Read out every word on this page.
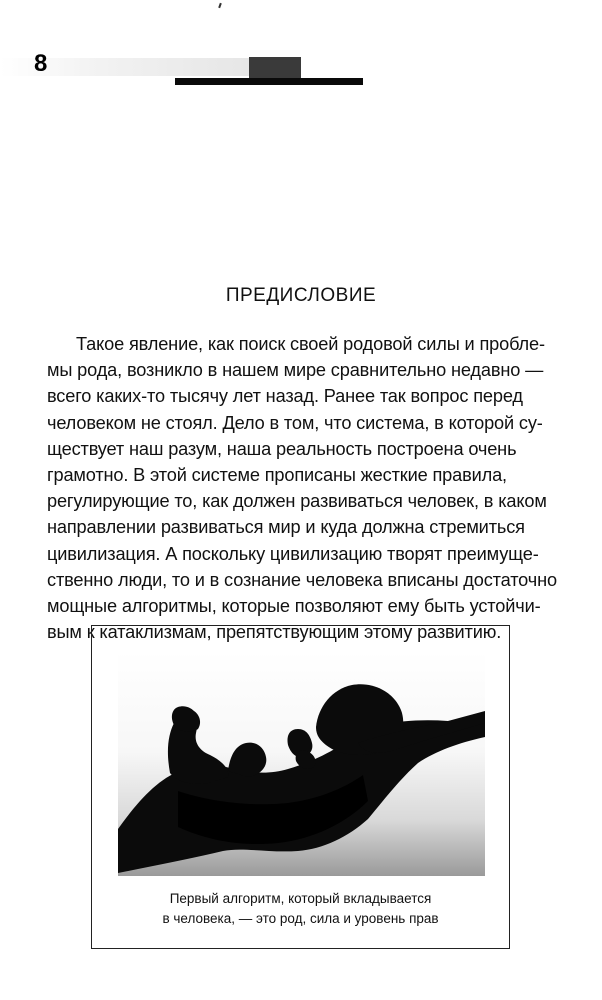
8
ПРЕДИСЛОВИЕ
Такое явление, как поиск своей родовой силы и пробле-
мы рода, возникло в нашем мире сравнительно недавно —
всего каких-то тысячу лет назад. Ранее так вопрос перед
человеком не стоял. Дело в том, что система, в которой су-
ществует наш разум, наша реальность построена очень
грамотно. В этой системе прописаны жесткие правила,
регулирующие то, как должен развиваться человек, в каком
направлении развиваться мир и куда должна стремиться
цивилизация. А поскольку цивилизацию творят преимуще-
ственно люди, то и в сознание человека вписаны достаточно
мощные алгоритмы, которые позволяют ему быть устойчи-
вым к катаклизмам, препятствующим этому развитию.
Первый алгоритм, который вкладывается
в человека, — это род, сила и уровень прав
